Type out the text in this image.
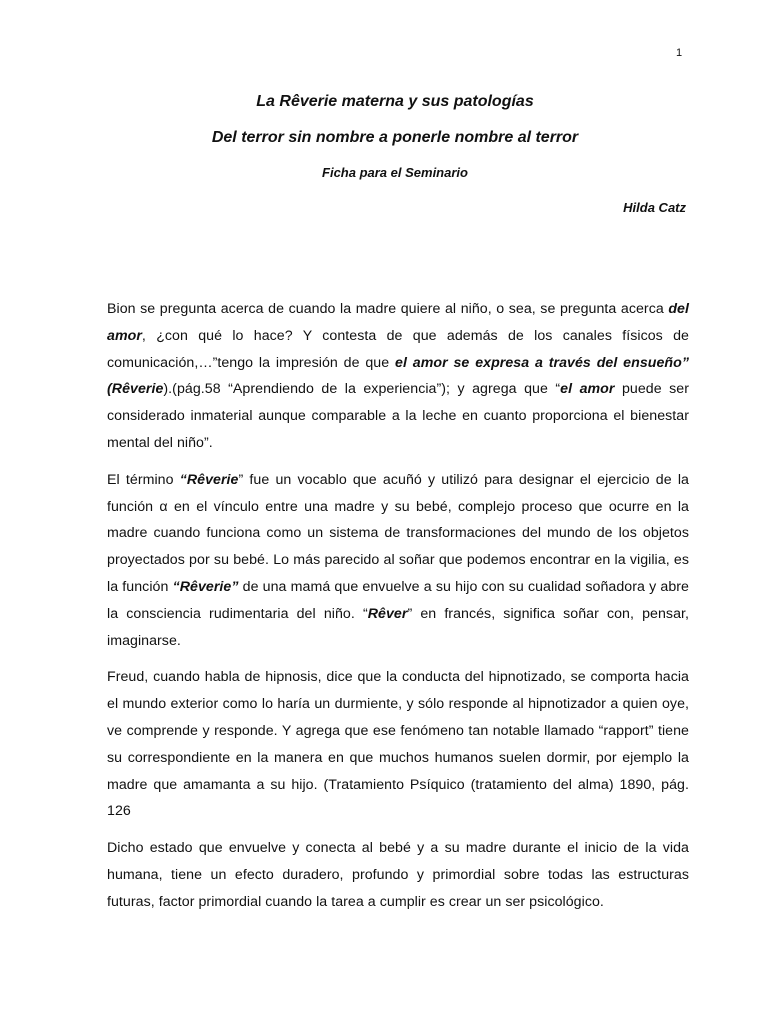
1
La Rêverie materna y sus patologías
Del terror sin nombre a ponerle nombre al terror
Ficha para el Seminario
Hilda Catz

Bion se pregunta acerca de cuando la madre quiere al niño, o sea, se pregunta acerca del amor, ¿con qué lo hace? Y contesta de que además de los canales físicos de comunicación,…”tengo la impresión de que el amor se expresa a través del ensueño” (Rêverie).(pág.58 “Aprendiendo de la experiencia”); y agrega que “el amor puede ser considerado inmaterial aunque comparable a la leche en cuanto proporciona el bienestar mental del niño”.

El término “Rêverie” fue un vocablo que acuñó y utilizó para designar el ejercicio de la función α en el vínculo entre una madre y su bebé, complejo proceso que ocurre en la madre cuando funciona como un sistema de transformaciones del mundo de los objetos proyectados por su bebé. Lo más parecido al soñar que podemos encontrar en la vigilia, es la función “Rêverie” de una mamá que envuelve a su hijo con su cualidad soñadora y abre la consciencia rudimentaria del niño. “Rêver” en francés, significa soñar con, pensar, imaginarse.

Freud, cuando habla de hipnosis, dice que la conducta del hipnotizado, se comporta hacia el mundo exterior como lo haría un durmiente, y sólo responde al hipnotizador a quien oye, ve comprende y responde. Y agrega que ese fenómeno tan notable llamado “rapport” tiene su correspondiente en la manera en que muchos humanos suelen dormir, por ejemplo la madre que amamanta a su hijo. (Tratamiento Psíquico (tratamiento del alma) 1890, pág. 126

Dicho estado que envuelve y conecta al bebé y a su madre durante el inicio de la vida humana, tiene un efecto duradero, profundo y primordial sobre todas las estructuras futuras, factor primordial cuando la tarea a cumplir es crear un ser psicológico.
